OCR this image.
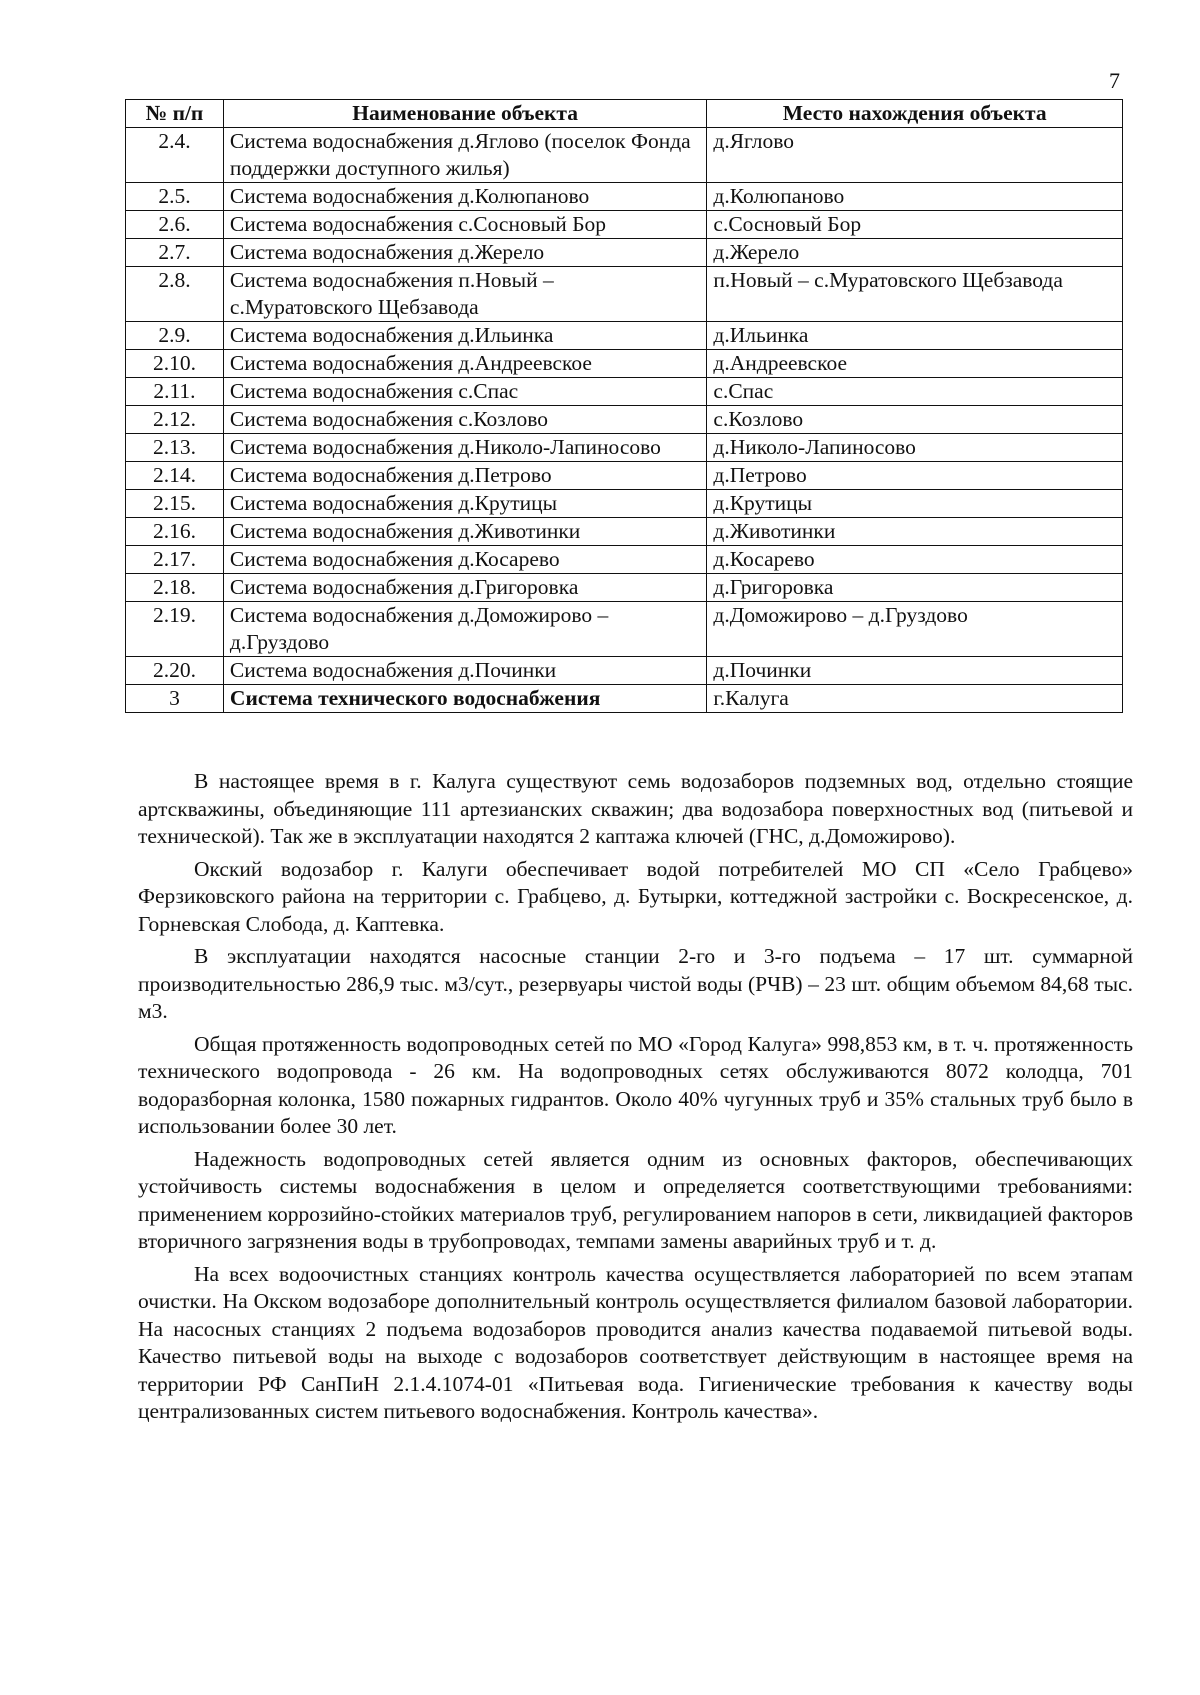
7
№ п/п	Наименование объекта	Место нахождения объекта
2.4.	Система водоснабжения д.Яглово (поселок Фонда поддержки доступного жилья)	д.Яглово
2.5.	Система водоснабжения д.Колюпаново	д.Колюпаново
2.6.	Система водоснабжения с.Сосновый Бор	с.Сосновый Бор
2.7.	Система водоснабжения д.Жерело	д.Жерело
2.8.	Система водоснабжения п.Новый – с.Муратовского Щебзавода	п.Новый – с.Муратовского Щебзавода
2.9.	Система водоснабжения д.Ильинка	д.Ильинка
2.10.	Система водоснабжения д.Андреевское	д.Андреевское
2.11.	Система водоснабжения с.Спас	с.Спас
2.12.	Система водоснабжения с.Козлово	с.Козлово
2.13.	Система водоснабжения д.Николо-Лапиносово	д.Николо-Лапиносово
2.14.	Система водоснабжения д.Петрово	д.Петрово
2.15.	Система водоснабжения д.Крутицы	д.Крутицы
2.16.	Система водоснабжения д.Животинки	д.Животинки
2.17.	Система водоснабжения д.Косарево	д.Косарево
2.18.	Система водоснабжения д.Григоровка	д.Григоровка
2.19.	Система водоснабжения д.Доможирово – д.Груздово	д.Доможирово – д.Груздово
2.20.	Система водоснабжения д.Починки	д.Починки
3	Система технического водоснабжения	г.Калуга

В настоящее время в г. Калуга существуют семь водозаборов подземных вод, отдельно стоящие артскважины, объединяющие 111 артезианских скважин; два водозабора поверхностных вод (питьевой и технической). Так же в эксплуатации находятся 2 каптажа ключей (ГНС, д.Доможирово).

Окский водозабор г. Калуги обеспечивает водой потребителей МО СП «Село Грабцево» Ферзиковского района на территории с. Грабцево, д. Бутырки, коттеджной застройки с. Воскресенское, д. Горневская Слобода, д. Каптевка.

В эксплуатации находятся насосные станции 2-го и 3-го подъема – 17 шт. суммарной производительностью 286,9 тыс. м3/сут., резервуары чистой воды (РЧВ) – 23 шт. общим объемом 84,68 тыс. м3.

Общая протяженность водопроводных сетей по МО «Город Калуга» 998,853 км, в т. ч. протяженность технического водопровода - 26 км. На водопроводных сетях обслуживаются 8072 колодца, 701 водоразборная колонка, 1580 пожарных гидрантов. Около 40% чугунных труб и 35% стальных труб было в использовании более 30 лет.

Надежность водопроводных сетей является одним из основных факторов, обеспечивающих устойчивость системы водоснабжения в целом и определяется соответствующими требованиями: применением коррозийно-стойких материалов труб, регулированием напоров в сети, ликвидацией факторов вторичного загрязнения воды в трубопроводах, темпами замены аварийных труб и т. д.

На всех водоочистных станциях контроль качества осуществляется лабораторией по всем этапам очистки. На Окском водозаборе дополнительный контроль осуществляется филиалом базовой лаборатории. На насосных станциях 2 подъема водозаборов проводится анализ качества подаваемой питьевой воды. Качество питьевой воды на выходе с водозаборов соответствует действующим в настоящее время на территории РФ СанПиН 2.1.4.1074-01 «Питьевая вода. Гигиенические требования к качеству воды централизованных систем питьевого водоснабжения. Контроль качества».
